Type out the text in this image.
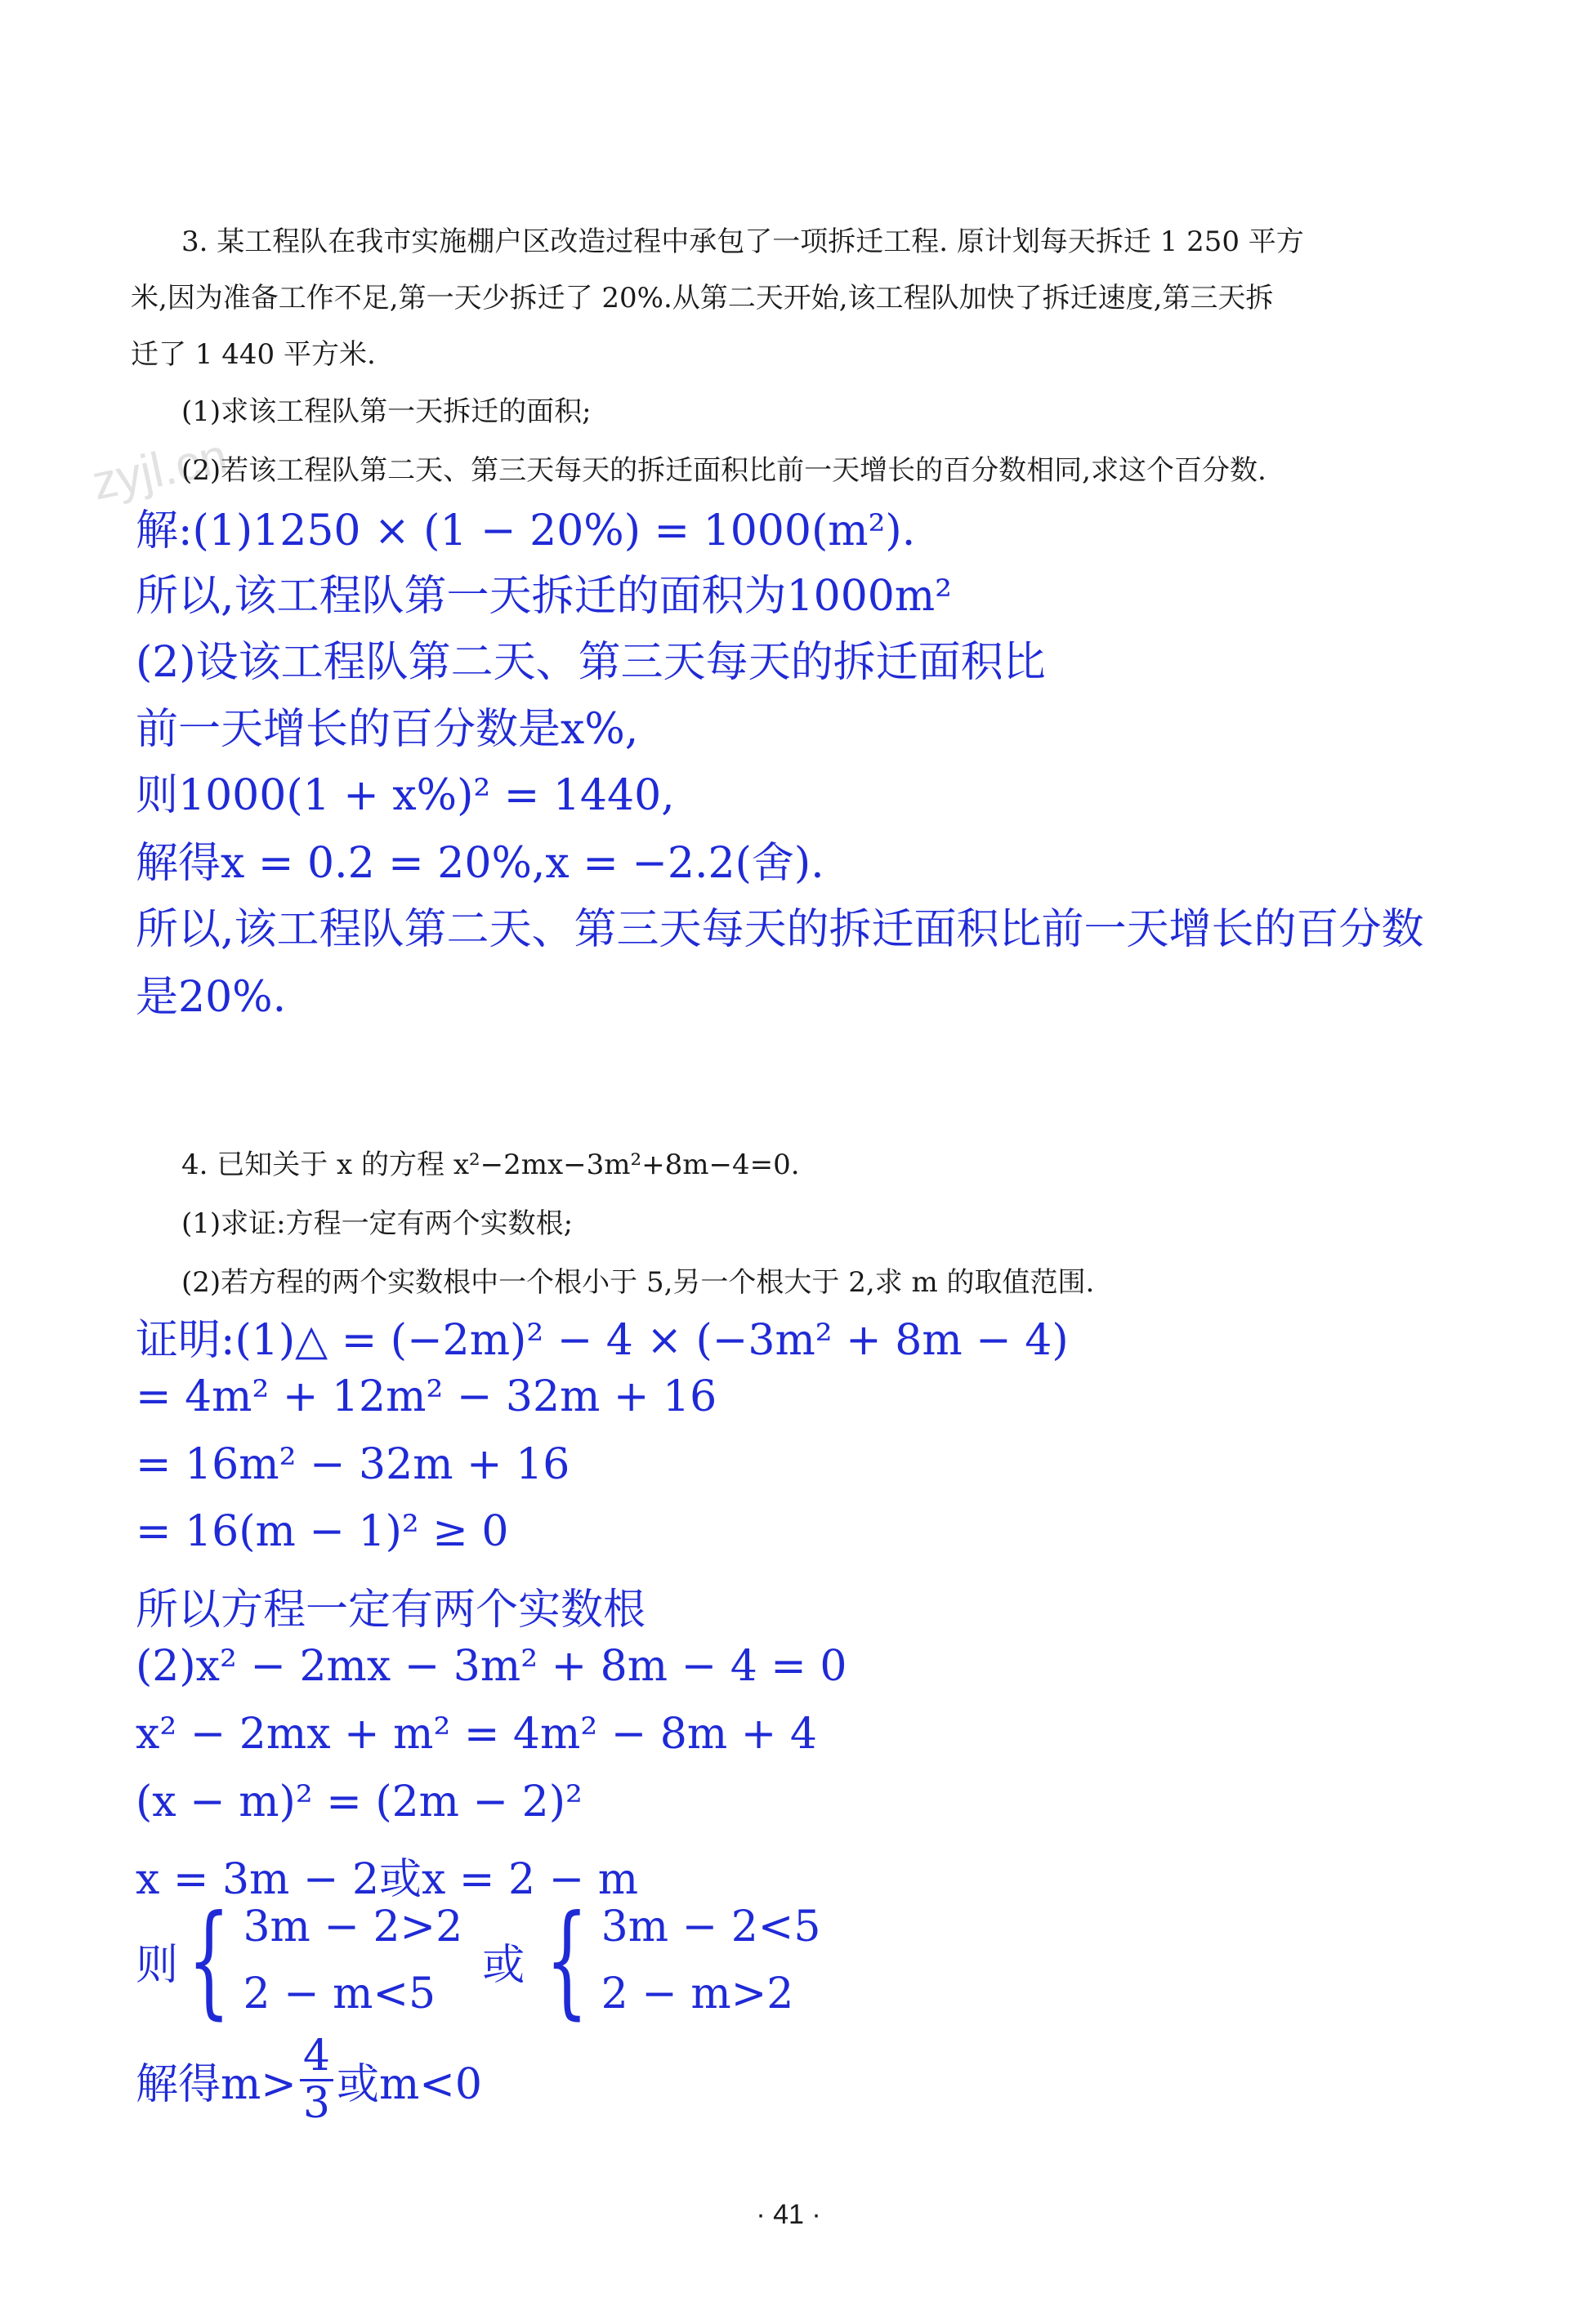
zyjl.cn
3. 某工程队在我市实施棚户区改造过程中承包了一项拆迁工程. 原计划每天拆迁 1 250 平方
米,因为准备工作不足,第一天少拆迁了 20%.从第二天开始,该工程队加快了拆迁速度,第三天拆
迁了 1 440 平方米.
(1)求该工程队第一天拆迁的面积;
(2)若该工程队第二天、第三天每天的拆迁面积比前一天增长的百分数相同,求这个百分数.
解:(1)1250 × (1 − 20%) = 1000(m²).
所以,该工程队第一天拆迁的面积为1000m²
(2)设该工程队第二天、第三天每天的拆迁面积比
前一天增长的百分数是x%,
则1000(1 + x%)² = 1440,
解得x = 0.2 = 20%,x = −2.2(舍).
所以,该工程队第二天、第三天每天的拆迁面积比前一天增长的百分数
是20%.
4. 已知关于 x 的方程 x²−2mx−3m²+8m−4=0.
(1)求证:方程一定有两个实数根;
(2)若方程的两个实数根中一个根小于 5,另一个根大于 2,求 m 的取值范围.
证明:(1)△ = (−2m)² − 4 × (−3m² + 8m − 4)
= 4m² + 12m² − 32m + 16
= 16m² − 32m + 16
= 16(m − 1)² ≥ 0
所以方程一定有两个实数根
(2)x² − 2mx − 3m² + 8m − 4 = 0
x² − 2mx + m² = 4m² − 8m + 4
(x − m)² = (2m − 2)²
x = 3m − 2或x = 2 − m
则 { 3m − 2>2
2 − m<5
或 { 3m − 2<5
2 − m>2
解得$m> \frac{4}{3}$ 或m<0
· 41 ·
